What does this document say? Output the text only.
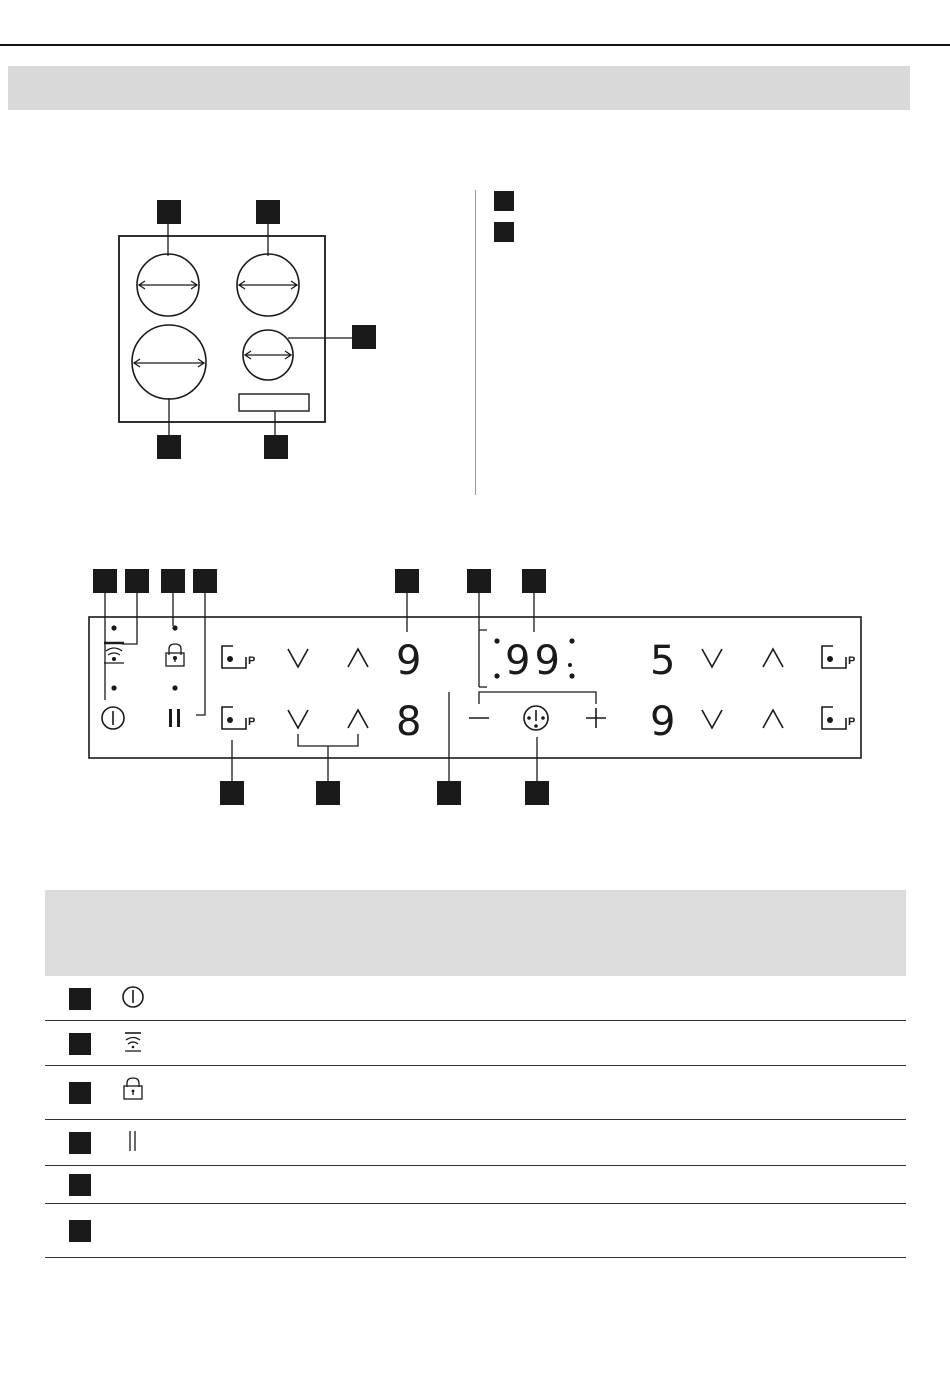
P
P
P
P
9
8
99 5
9
